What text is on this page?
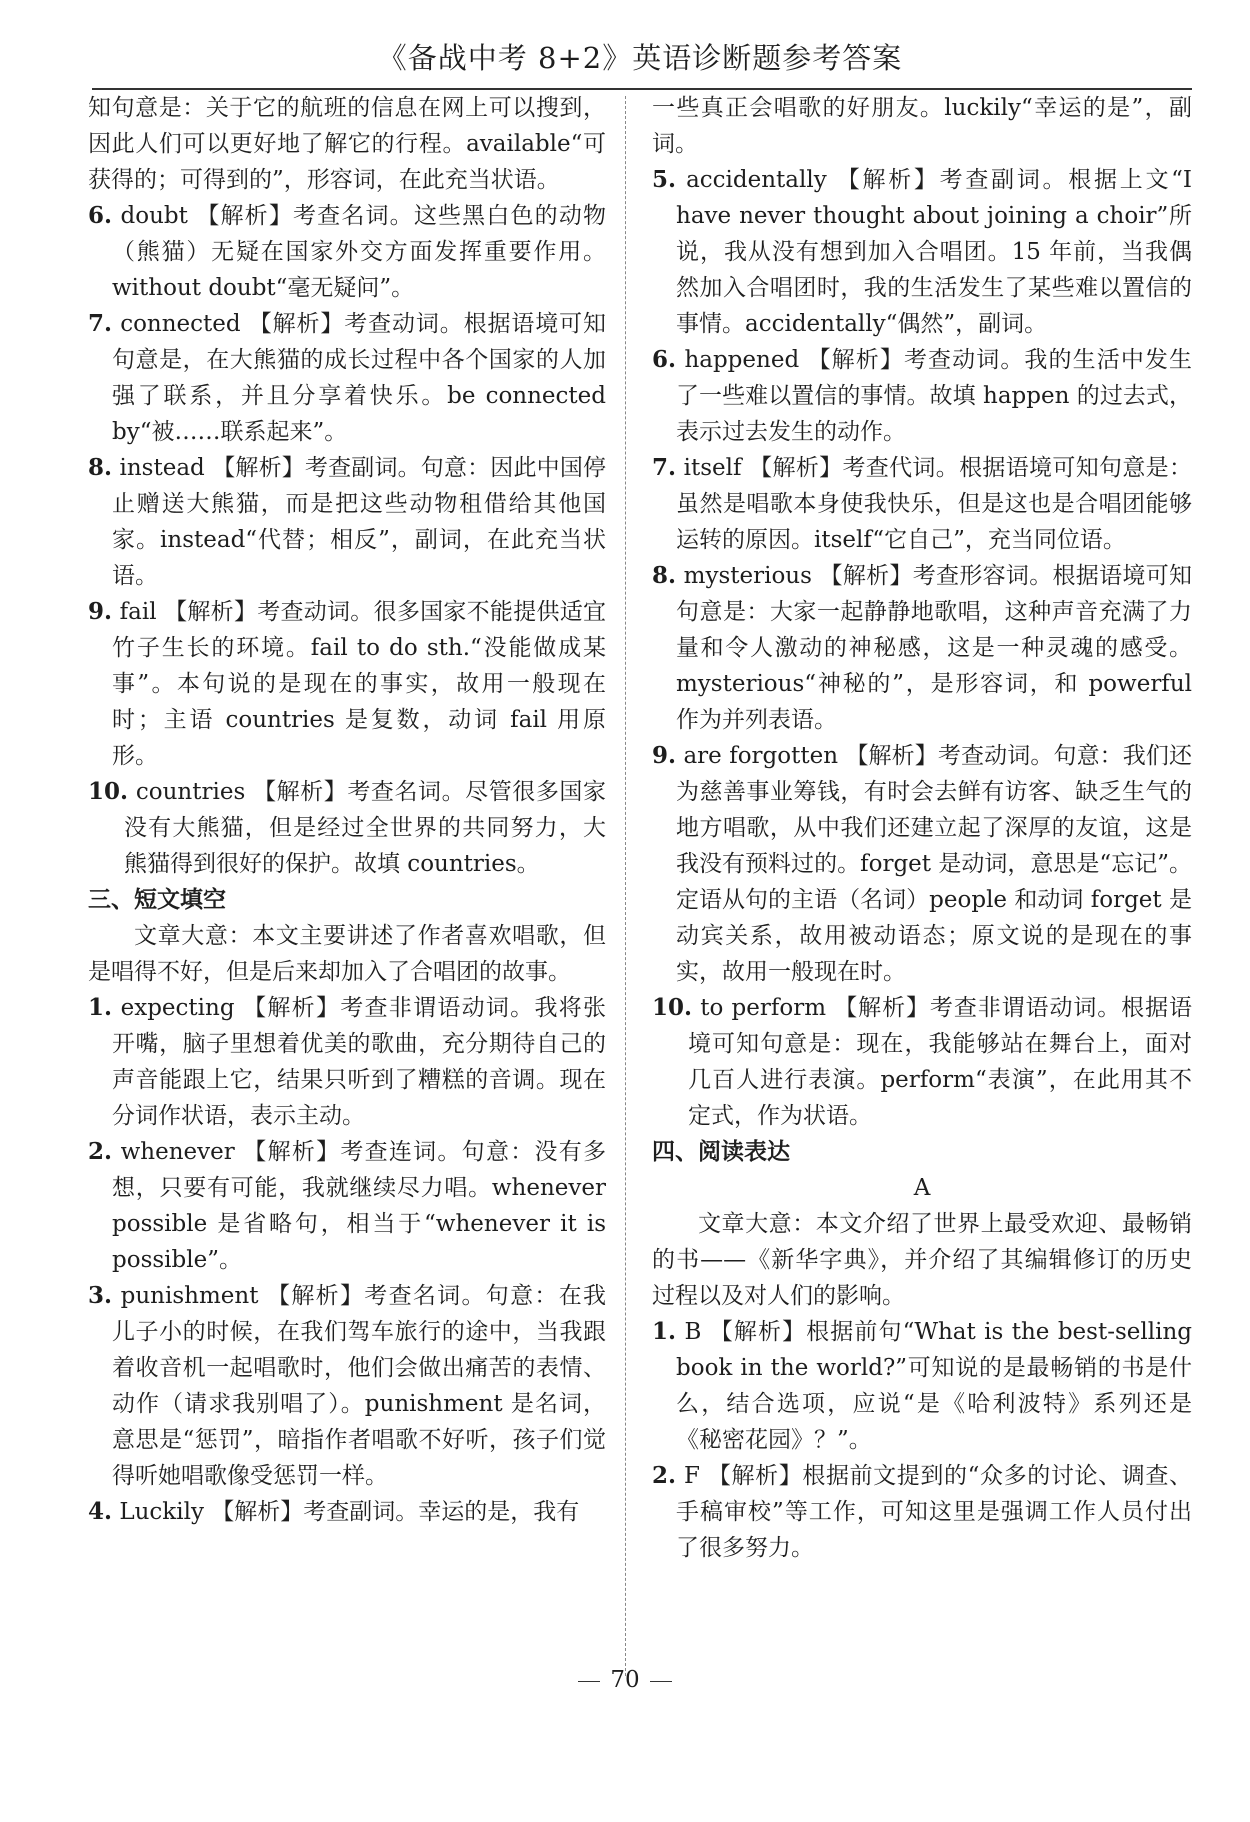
《备战中考 8+2》英语诊断题参考答案

知句意是：关于它的航班的信息在网上可以搜到，因此人们可以更好地了解它的行程。available“可获得的；可得到的”，形容词，在此充当状语。

6. doubt 【解析】考查名词。这些黑白色的动物（熊猫）无疑在国家外交方面发挥重要作用。without doubt“毫无疑问”。

7. connected 【解析】考查动词。根据语境可知句意是，在大熊猫的成长过程中各个国家的人加强了联系，并且分享着快乐。be connected by“被……联系起来”。

8. instead 【解析】考查副词。句意：因此中国停止赠送大熊猫，而是把这些动物租借给其他国家。instead“代替；相反”，副词，在此充当状语。

9. fail 【解析】考查动词。很多国家不能提供适宜竹子生长的环境。fail to do sth.“没能做成某事”。本句说的是现在的事实，故用一般现在时；主语 countries 是复数，动词 fail 用原形。

10. countries 【解析】考查名词。尽管很多国家没有大熊猫，但是经过全世界的共同努力，大熊猫得到很好的保护。故填 countries。

三、短文填空

文章大意：本文主要讲述了作者喜欢唱歌，但是唱得不好，但是后来却加入了合唱团的故事。

1. expecting 【解析】考查非谓语动词。我将张开嘴，脑子里想着优美的歌曲，充分期待自己的声音能跟上它，结果只听到了糟糕的音调。现在分词作状语，表示主动。

2. whenever 【解析】考查连词。句意：没有多想，只要有可能，我就继续尽力唱。whenever possible 是省略句，相当于“whenever it is possible”。

3. punishment 【解析】考查名词。句意：在我儿子小的时候，在我们驾车旅行的途中，当我跟着收音机一起唱歌时，他们会做出痛苦的表情、动作（请求我别唱了）。punishment 是名词，意思是“惩罚”，暗指作者唱歌不好听，孩子们觉得听她唱歌像受惩罚一样。

4. Luckily 【解析】考查副词。幸运的是，我有

一些真正会唱歌的好朋友。luckily“幸运的是”，副词。

5. accidentally 【解析】考查副词。根据上文“I have never thought about joining a choir”所说，我从没有想到加入合唱团。15 年前，当我偶然加入合唱团时，我的生活发生了某些难以置信的事情。accidentally“偶然”，副词。

6. happened 【解析】考查动词。我的生活中发生了一些难以置信的事情。故填 happen 的过去式，表示过去发生的动作。

7. itself 【解析】考查代词。根据语境可知句意是：虽然是唱歌本身使我快乐，但是这也是合唱团能够运转的原因。itself“它自己”，充当同位语。

8. mysterious 【解析】考查形容词。根据语境可知句意是：大家一起静静地歌唱，这种声音充满了力量和令人激动的神秘感，这是一种灵魂的感受。mysterious“神秘的”，是形容词，和 powerful 作为并列表语。

9. are forgotten 【解析】考查动词。句意：我们还为慈善事业筹钱，有时会去鲜有访客、缺乏生气的地方唱歌，从中我们还建立起了深厚的友谊，这是我没有预料过的。forget 是动词，意思是“忘记”。定语从句的主语（名词）people 和动词 forget 是动宾关系，故用被动语态；原文说的是现在的事实，故用一般现在时。

10. to perform 【解析】考查非谓语动词。根据语境可知句意是：现在，我能够站在舞台上，面对几百人进行表演。perform“表演”，在此用其不定式，作为状语。

四、阅读表达

A

文章大意：本文介绍了世界上最受欢迎、最畅销的书——《新华字典》，并介绍了其编辑修订的历史过程以及对人们的影响。

1. B 【解析】根据前句“What is the best-selling book in the world?”可知说的是最畅销的书是什么，结合选项，应说“是《哈利波特》系列还是《秘密花园》？”。

2. F 【解析】根据前文提到的“众多的讨论、调查、手稿审校”等工作，可知这里是强调工作人员付出了很多努力。

70
